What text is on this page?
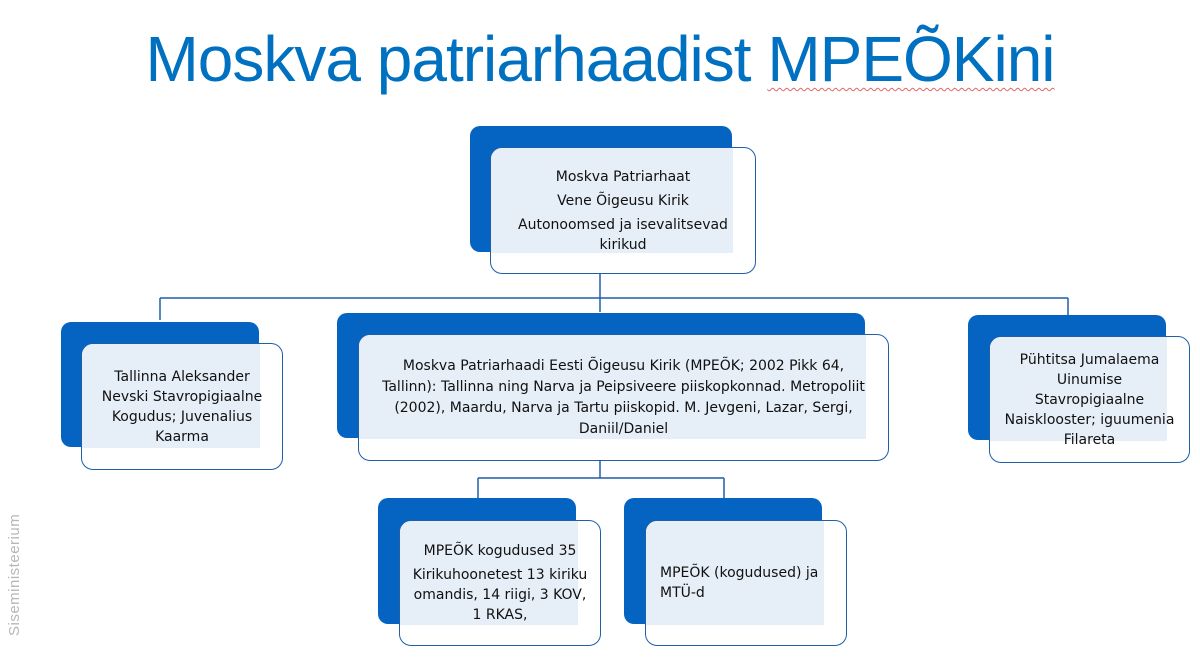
Moskva patriarhaadist MPEÕKini
Siseministeerium

Moskva Patriarhaat

Vene Õigeusu Kirik

Autonoomsed ja isevalitsevad kirikud

Tallinna Aleksander Nevski Stavropigiaalne Kogudus; Juvenalius Kaarma

Moskva Patriarhaadi Eesti Õigeusu Kirik (MPEÕK; 2002 Pikk 64, Tallinn): Tallinna ning Narva ja Peipsiveere piiskopkonnad. Metropoliit (2002), Maardu, Narva ja Tartu piiskopid. M. Jevgeni, Lazar, Sergi, Daniil/Daniel

Pühtitsa Jumalaema Uinumise Stavropigiaalne Naisklooster; iguumenia Filareta

MPEÕK kogudused 35

Kirikuhoonetest 13 kiriku omandis, 14 riigi, 3 KOV, 1 RKAS,

MPEÕK (kogudused) ja MTÜ-d
